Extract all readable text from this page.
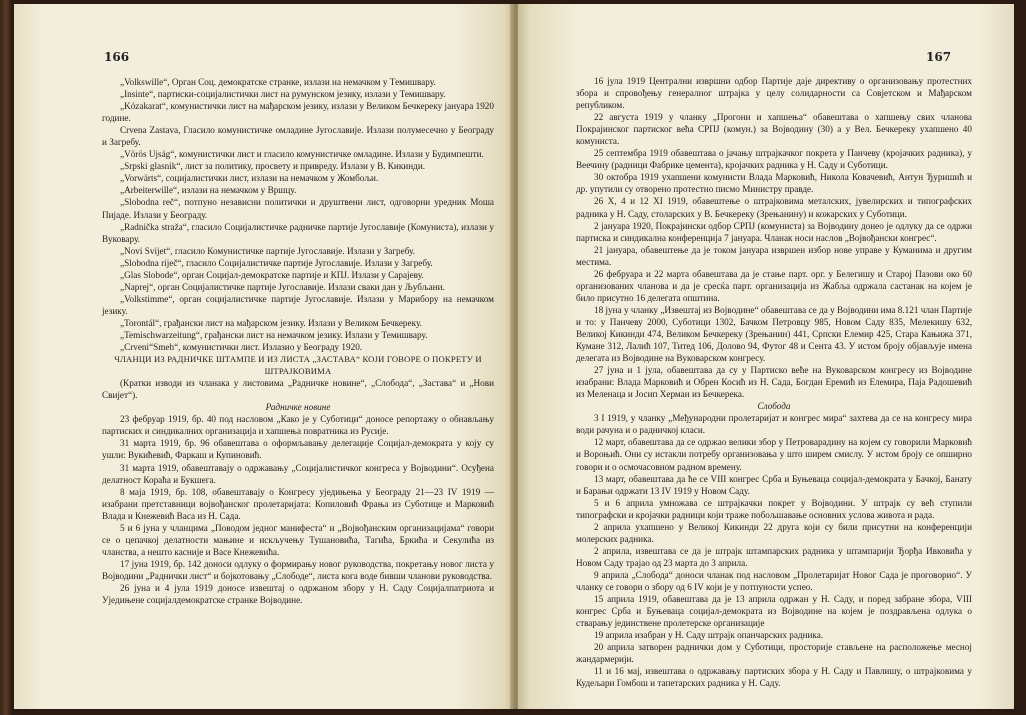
166

„Volkswille“, Орган Соц. демократске странке, излази на немачком у Темишвару.

„Insinte“, партиски-социјалистички лист на румунском језику, излази у Темишвару.

„Kózakarat“, комунистички лист на мађарском језику, излази у Великом Бечкереку јануара 1920 године.

Crvena Zastava, Гласило комунистичке омладине Југославије. Излази полумесечно у Београду и Загребу.

„Vörös Ujság“, комунистички лист и гласило комунистичке омладине. Излази у Будимпешти.

„Srpski glasnik“, лист за политику, просвету и привреду. Излази у В. Кикинди.

„Vorwärts“, социјалистички лист, излази на немачком у Жомбољи.

„Arbeiterwille“, излази на немачком у Вршцу.

„Slobodna reč“, потпуно независни политички и друштвени лист, одговорни уредник Моша Пијаде. Излази у Београду.

„Radnička straža“, гласило Социјалистичке радничке партије Југославије (Комуниста), излази у Вуковару.

„Novi Svijet“, гласило Комунистичке партије Југославије. Излази у Загребу.

„Slobodna riječ“, гласило Социјалистичке партије Југославије. Излази у Загребу.

„Glas Slobode“, орган Социјал-демократске партије и КПЈ. Излази у Сарајеву.

„Naprej“, орган Социјалистичке партије Југославије. Излази сваки дан у Љубљани.

„Volkstimme“, орган социјалистичке партије Југославије. Излази у Марибору на немачком језику.

„Torontál“, грађански лист на мађарском језику. Излази у Великом Бечкереку.

„Temischwarzeitung“, грађански лист на немачком језику. Излази у Темишвару.

„Crveni“Smeh“, комунистички лист. Излазио у Београду 1920.

ЧЛАНЦИ ИЗ РАДНИЧКЕ ШТАМПЕ И ИЗ ЛИСТА „ЗАСТАВА“ КОЈИ ГОВОРЕ О ПОКРЕТУ И ШТРАЈКОВИМА

(Кратки изводи из чланака у листовима „Радничке новине“, „Слобода“, „Застава“ и „Нови Свијет“).

Радничке новине

23 фебруар 1919, бр. 40 под насловом „Како је у Суботици“ доносе репортажу о обнављању партиских и синдикалних организација и хапшења повратника из Русије.

31 марта 1919, бр. 96 обавештава о оформљавању делегације Социјал-демократа у коју су ушли: Вукићевић, Фаркаш и Купиновић.

31 марта 1919, обавештавају о одржавању „Социјалистичког конгреса у Војводини“. Осуђена делатност Кораћа и Букшега.

8 маја 1919, бр. 108, обавештавају о Конгресу уједињења у Београду 21—23 IV 1919 — изабрани претставници војвођанског пролетаријата: Копиловић Фрања из Суботице и Марковић Влада и Кнежевић Васа из Н. Сада.

5 и 6 јуна у чланцима „Поводом једног манифеста“ и „Војвођанским организацијама“ говори се о цепачкој делатности мањине и искључењу Тушановића, Тагића, Бркића и Секулића из чланства, а нешто касније и Васе Кнежевића.

17 јуна 1919, бр. 142 доноси одлуку о формирању новог руководства, покретању новог листа у Војводини „Раднички лист“ и бојкотовању „Слободе“, листа кога воде бивши чланови руководства.

26 јуна и 4 јула 1919 доносе извештај о одржаном збору у Н. Саду Социјалпатриота и Уједињене социјалдемократске странке Војводине.

167

16 јула 1919 Централни извршни одбор Партије даје директиву о организовању протестних збора и спровођењу генералног штрајка у целу солидарности са Совјетском и Мађарском републиком.

22 августа 1919 у чланку „Прогони и хапшења“ обавештава о хапшењу свих чланова Покрајинског партиског већа СРПЈ (комун.) за Војводину (30) а у Вел. Бечкереку ухапшено 40 комуниста.

25 септембра 1919 обавештава о јачању штрајкачког покрета у Панчеву (кројачких радника), у Веечину (радници Фабрике цемента), кројачких радника у Н. Саду и Суботици.

30 октобра 1919 ухапшени комунисти Влада Марковић, Никола Ковачевић, Антун Ђуришић и др. упутили су отворено протестно писмо Министру правде.

26 X, 4 и 12 XI 1919, обавештење о штрајковима металских, јувелирских и типографских радника у Н. Саду, столарских у В. Бечкереку (Зрењанину) и кожарских у Суботици.

2 јануара 1920, Покрајински одбор СРПЈ (комуниста) за Војводину донео је одлуку да се одржи партиска и синдикална конференција 7 јануара. Чланак носи наслов „Војвођански конгрес“.

21 јануара, обавештење да је током јануара извршен избор нове управе у Куманима и другим местима.

26 фебруара и 22 марта обавештава да је стање парт. орг. у Белегишу и Старој Пазови око 60 организованих чланова и да је сресќа парт. организација из Жабља одржала састанак на којем је било присутно 16 делегата општина.

18 јуна у чланку „Извештај из Војводине“ обавештава се да у Војводини има 8.121 члан Партије и то: у Панчеву 2000, Суботици 1302, Бачком Петровцу 985, Новом Саду 835, Мелекишу 632, Великој Кикинди 474, Великом Бечкереку (Зрењанин) 441, Српски Елемир 425, Стара Кањижа 371, Кумане 312, Лалић 107, Титед 106, Долово 94, Футог 48 и Сента 43. У истом броју објављује имена делегата из Војводине на Вуковарском конгресу.

27 јуна и 1 јула, обавештава да су у Партиско веће на Вуковарском конгресу из Војводине изабрани: Влада Марковић и Обрен Косић из Н. Сада, Богдан Еремић из Елемира, Паја Радошевић из Меленаца и Јосип Херман из Бечкерека.

Слобода

3 I 1919, у чланку „Међународни пролетаријат и конгрес мира“ захтева да се на конгресу мира води рачуна и о радничкој класи.

12 март, обавештава да се одржао велики збор у Петроварадину на којем су говорили Марковић и Вороњић. Они су истакли потребу организовања у што ширем смислу. У истом броју се опширно говори и о осмочасовном радном времену.

13 март, обавештава да ће се VIII конгрес Срба и Буњеваца социјал-демократа у Бачкој, Банату и Барањи одржати 13 IV 1919 у Новом Саду.

5 и 6 априла умножава се штрајкачки покрет у Војводини. У штрајк су већ ступили типографски и кројачки радници који траже побољшавање основних услова живота и рада.

2 априла ухапшено у Великој Кикинди 22 друга који су били присутни на конференцији молерских радника.

2 априла, извештава се да је штрајк штампарских радника у штампарији Ђорђа Ивковића у Новом Саду трајао од 23 марта до 3 априла.

9 априла „Слобода“ доноси чланак под насловом „Пролетаријат Новог Сада је проговорио“. У чланку се говори о збору од 6 IV који је у потпуности успео.

15 априла 1919, обавештава да је 13 априла одржан у Н. Саду, и поред забране збора, VIII конгрес Срба и Буњеваца социјал-демократа из Војводине на којем је поздрављена одлука о стварању јединствене пролетерске организације

19 априла изабран у Н. Саду штрајк опанчарских радника.

20 априла затворен раднички дом у Суботици, просторије стављене на расположење месној жандармерији.

11 и 16 мај, извештава о одржавању партиских збора у Н. Саду и Павлишу, о штрајковима у Кудељари Гомбош и тапетарских радника у Н. Саду.
